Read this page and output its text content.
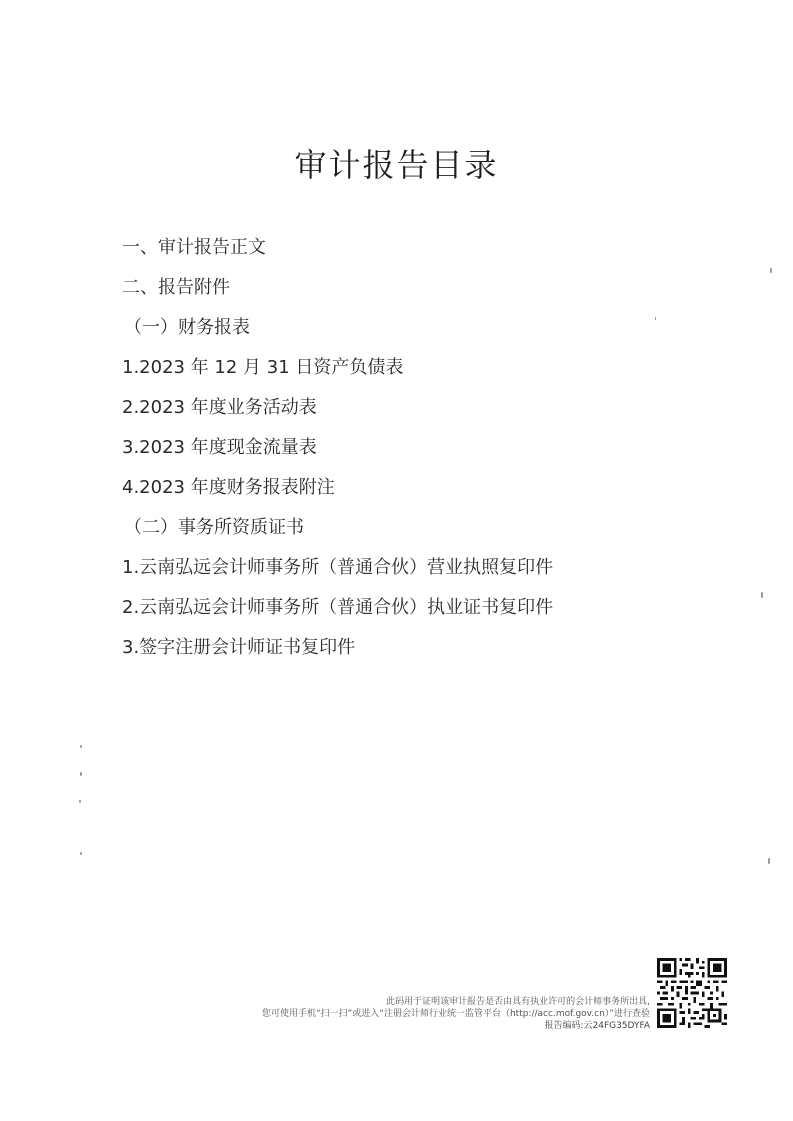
审计报告目录
一、审计报告正文
二、报告附件
（一）财务报表
1.2023 年 12 月 31 日资产负债表
2.2023 年度业务活动表
3.2023 年度现金流量表
4.2023 年度财务报表附注
（二）事务所资质证书
1.云南弘远会计师事务所（普通合伙）营业执照复印件
2.云南弘远会计师事务所（普通合伙）执业证书复印件
3.签字注册会计师证书复印件
此码用于证明该审计报告是否由具有执业许可的会计师事务所出具,
您可使用手机“扫一扫”或进入“注册会计师行业统一监管平台（http://acc.mof.gov.cn）”进行查验
报告编码:云24FG35DYFA
